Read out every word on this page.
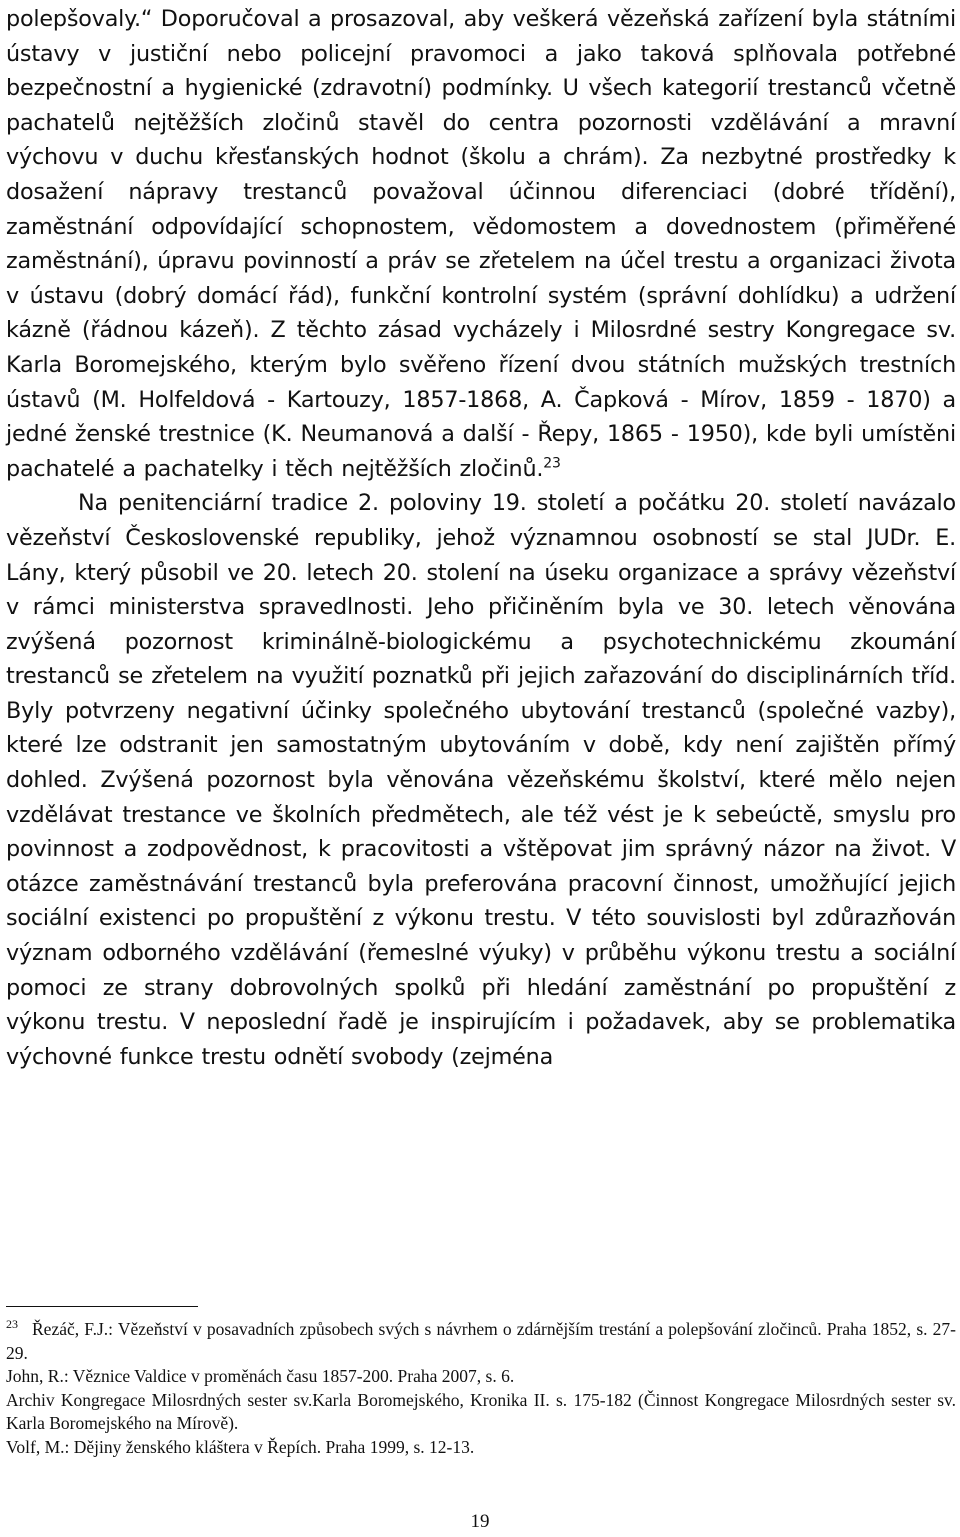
polepšovaly.“ Doporučoval a prosazoval, aby veškerá vězeňská zařízení byla státními ústavy v justiční nebo policejní pravomoci a jako taková splňovala potřebné bezpečnostní a hygienické (zdravotní) podmínky. U všech kategorií trestanců včetně pachatelů nejtěžších zločinů stavěl do centra pozornosti vzdělávání a mravní výchovu v duchu křesťanských hodnot (školu a chrám). Za nezbytné prostředky k dosažení nápravy trestanců považoval účinnou diferenciaci (dobré třídění), zaměstnání odpovídající schopnostem, vědomostem a dovednostem (přiměřené zaměstnání), úpravu povinností a práv se zřetelem na účel trestu a organizaci života v ústavu (dobrý domácí řád), funkční kontrolní systém (správní dohlídku) a udržení kázně (řádnou kázeň). Z těchto zásad vycházely i Milosrdné sestry Kongregace sv. Karla Boromejského, kterým bylo svěřeno řízení dvou státních mužských trestních ústavů (M. Holfeldová - Kartouzy, 1857-1868, A. Čapková - Mírov, 1859 - 1870) a jedné ženské trestnice (K. Neumanová a další - Řepy, 1865 - 1950), kde byli umístěni pachatelé a pachatelky i těch nejtěžších zločinů.$^{23}$

Na penitenciární tradice 2. poloviny 19. století a počátku 20. století navázalo vězeňství Československé republiky, jehož významnou osobností se stal JUDr. E. Lány, který působil ve 20. letech 20. stolení na úseku organizace a správy vězeňství v rámci ministerstva spravedlnosti. Jeho přičiněním byla ve 30. letech věnována zvýšená pozornost kriminálně-biologickému a psychotechnickému zkoumání trestanců se zřetelem na využití poznatků při jejich zařazování do disciplinárních tříd. Byly potvrzeny negativní účinky společného ubytování trestanců (společné vazby), které lze odstranit jen samostatným ubytováním v době, kdy není zajištěn přímý dohled. Zvýšená pozornost byla věnována vězeňskému školství, které mělo nejen vzdělávat trestance ve školních předmětech, ale též vést je k sebeúctě, smyslu pro povinnost a zodpovědnost, k pracovitosti a vštěpovat jim správný názor na život. V otázce zaměstnávání trestanců byla preferována pracovní činnost, umožňující jejich sociální existenci po propuštění z výkonu trestu. V této souvislosti byl zdůrazňován význam odborného vzdělávání (řemeslné výuky) v průběhu výkonu trestu a sociální pomoci ze strany dobrovolných spolků při hledání zaměstnání po propuštění z výkonu trestu. V neposlední řadě je inspirujícím i požadavek, aby se problematika výchovné funkce trestu odnětí svobody (zejména

$^{23}$ Řezáč, F.J.: Vězeňství v posavadních způsobech svých s návrhem o zdárnějším trestání a polepšování zločinců. Praha 1852, s. 27-29.

John, R.: Věznice Valdice v proměnách času 1857-200. Praha 2007, s. 6.

Archiv Kongregace Milosrdných sester sv.Karla Boromejského, Kronika II. s. 175-182 (Činnost Kongregace Milosrdných sester sv. Karla Boromejského na Mírově).

Volf, M.: Dějiny ženského kláštera v Řepích. Praha 1999, s. 12-13.

19
